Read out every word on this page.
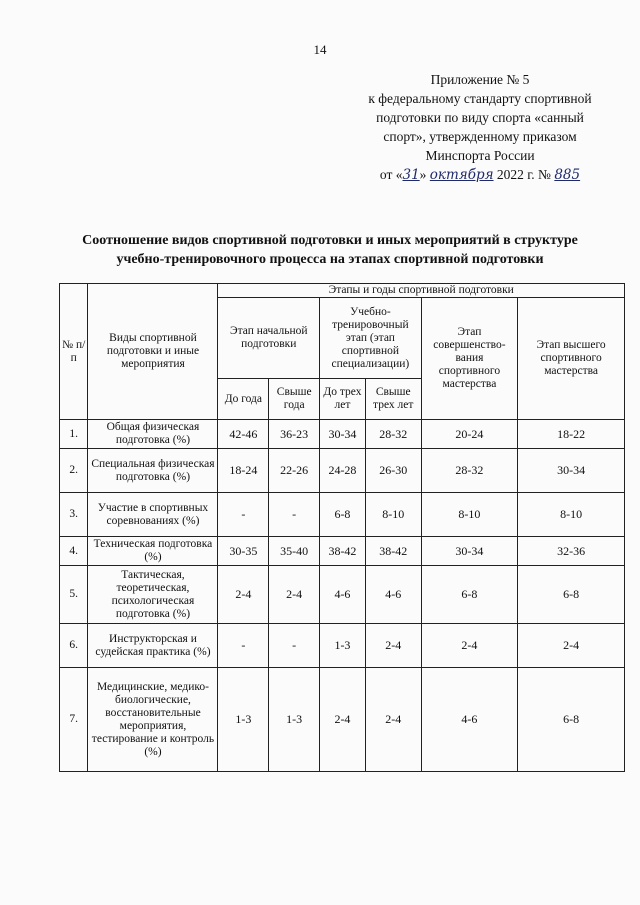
14
Приложение № 5
к федеральному стандарту спортивной
подготовки по виду спорта «санный
спорт», утвержденному приказом
Минспорта России
от «31» октября 2022 г. № 885
Соотношение видов спортивной подготовки и иных мероприятий в структуре
учебно-тренировочного процесса на этапах спортивной подготовки
№ п/п	Виды спортивной подготовки и иные мероприятия	Этапы и годы спортивной подготовки					
		Этап начальной подготовки		Учебно-тренировочный этап (этап спортивной специализации)		Этап совершенство-вания спортивного мастерства	Этап высшего спортивного мастерства
		До года	Свыше года	До трех лет	Свыше трех лет		
1.	Общая физическая подготовка (%)	42-46	36-23	30-34	28-32	20-24	18-22
2.	Специальная физическая подготовка (%)	18-24	22-26	24-28	26-30	28-32	30-34
3.	Участие в спортивных соревнованиях (%)	-	-	6-8	8-10	8-10	8-10
4.	Техническая подготовка (%)	30-35	35-40	38-42	38-42	30-34	32-36
5.	Тактическая, теоретическая, психологическая подготовка (%)	2-4	2-4	4-6	4-6	6-8	6-8
6.	Инструкторская и судейская практика (%)	-	-	1-3	2-4	2-4	2-4
7.	Медицинские, медико-биологические, восстановительные мероприятия, тестирование и контроль (%)	1-3	1-3	2-4	2-4	4-6	6-8
